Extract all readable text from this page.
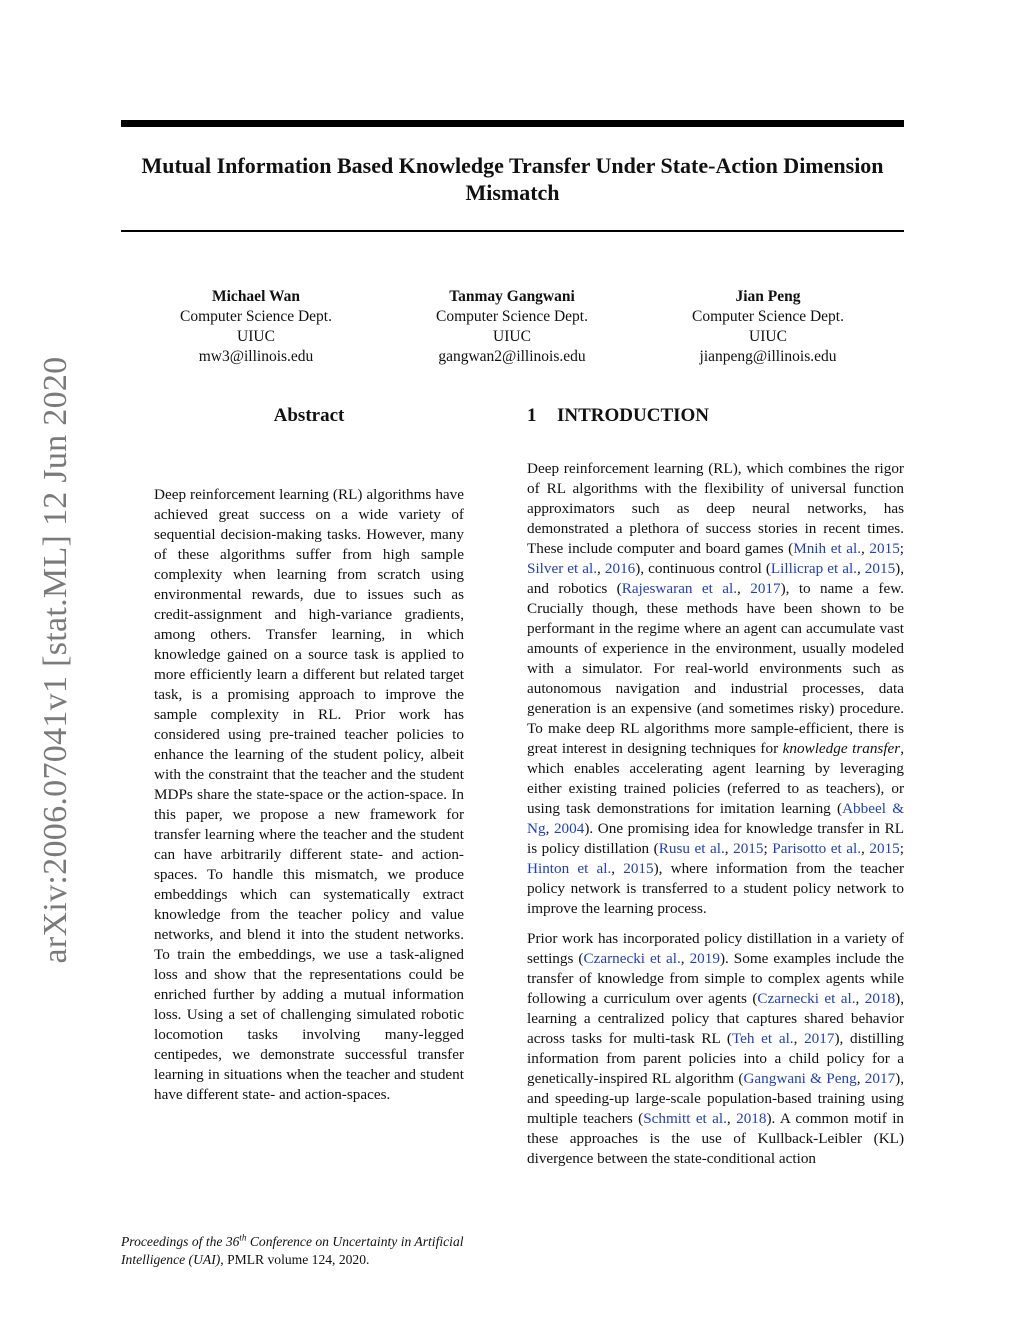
Mutual Information Based Knowledge Transfer Under State-Action Dimension Mismatch
Michael Wan
Computer Science Dept.
UIUC
mw3@illinois.edu
Tanmay Gangwani
Computer Science Dept.
UIUC
gangwan2@illinois.edu
Jian Peng
Computer Science Dept.
UIUC
jianpeng@illinois.edu
arXiv:2006.07041v1 [stat.ML] 12 Jun 2020	Abstract

Deep reinforcement learning (RL) algorithms have achieved great success on a wide variety of sequential decision-making tasks. However, many of these algorithms suffer from high sample complexity when learning from scratch using environmental rewards, due to issues such as credit-assignment and high-variance gradients, among others. Transfer learning, in which knowledge gained on a source task is applied to more efficiently learn a different but related target task, is a promising approach to improve the sample complexity in RL. Prior work has considered using pre-trained teacher policies to enhance the learning of the student policy, albeit with the constraint that the teacher and the student MDPs share the state-space or the action-space. In this paper, we propose a new framework for transfer learning where the teacher and the student can have arbitrarily different state- and action-spaces. To handle this mismatch, we produce embeddings which can systematically extract knowledge from the teacher policy and value networks, and blend it into the student networks. To train the embeddings, we use a task-aligned loss and show that the representations could be enriched further by adding a mutual information loss. Using a set of challenging simulated robotic locomotion tasks involving many-legged centipedes, we demonstrate successful transfer learning in situations when the teacher and student have different state- and action-spaces.

1 INTRODUCTION

Deep reinforcement learning (RL), which combines the rigor of RL algorithms with the flexibility of universal function approximators such as deep neural networks, has demonstrated a plethora of success stories in recent times. These include computer and board games (Mnih et al., 2015; Silver et al., 2016), continuous control (Lillicrap et al., 2015), and robotics (Rajeswaran et al., 2017), to name a few. Crucially though, these methods have been shown to be performant in the regime where an agent can accumulate vast amounts of experience in the environment, usually modeled with a simulator. For real-world environments such as autonomous navigation and industrial processes, data generation is an expensive (and sometimes risky) procedure. To make deep RL algorithms more sample-efficient, there is great interest in designing techniques for knowledge transfer, which enables accelerating agent learning by leveraging either existing trained policies (referred to as teachers), or using task demonstrations for imitation learning (Abbeel & Ng, 2004). One promising idea for knowledge transfer in RL is policy distillation (Rusu et al., 2015; Parisotto et al., 2015; Hinton et al., 2015), where information from the teacher policy network is transferred to a student policy network to improve the learning process.

Prior work has incorporated policy distillation in a variety of settings (Czarnecki et al., 2019). Some examples include the transfer of knowledge from simple to complex agents while following a curriculum over agents (Czarnecki et al., 2018), learning a centralized policy that captures shared behavior across tasks for multi-task RL (Teh et al., 2017), distilling information from parent policies into a child policy for a genetically-inspired RL algorithm (Gangwani & Peng, 2017), and speeding-up large-scale population-based training using multiple teachers (Schmitt et al., 2018). A common motif in these approaches is the use of Kullback-Leibler (KL) divergence between the state-conditional action

Proceedings of the 36th Conference on Uncertainty in Artificial Intelligence (UAI), PMLR volume 124, 2020.
